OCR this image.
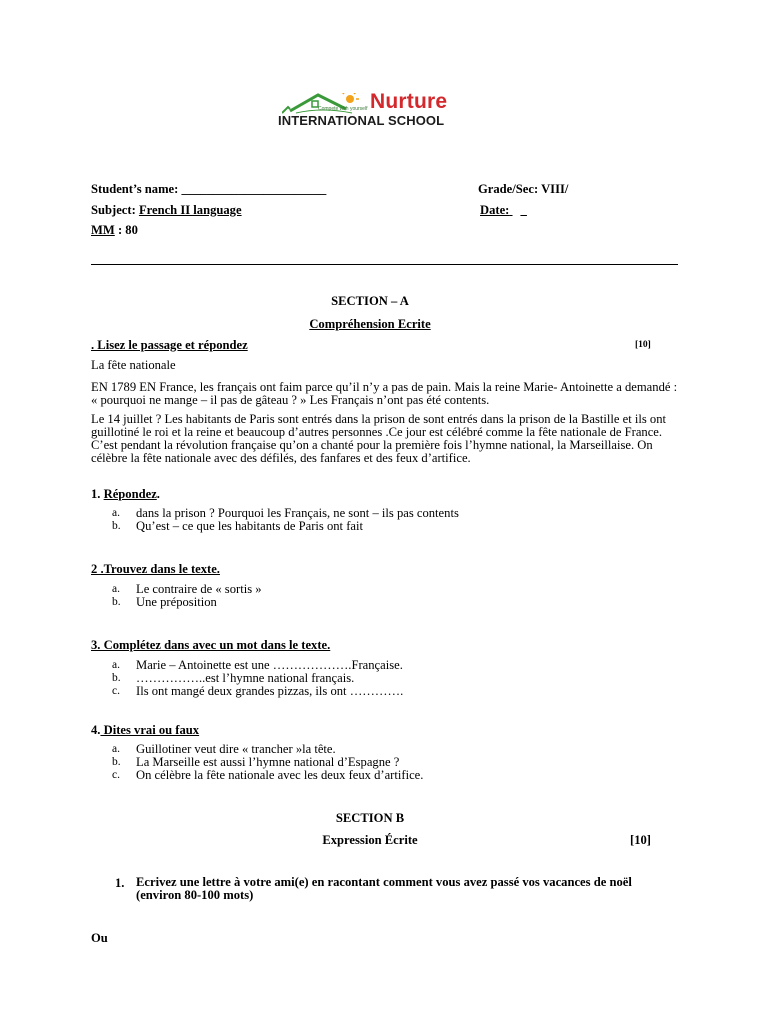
Compete with yourself Nurture
INTERNATIONAL SCHOOL
Student’s name: _______________________	Grade/Sec: VIII/
Subject: French II language	Date: _
MM : 80
SECTION – A
Compréhension Ecrite
. Lisez le passage et répondez	[10]
La fête nationale
EN 1789 EN France, les français ont faim parce qu’il n’y a pas de pain. Mais la reine Marie- Antoinette a demandé : « pourquoi ne mange – il pas de gâteau ? » Les Français n’ont pas été contents.
Le 14 juillet ? Les habitants de Paris sont entrés dans la prison de sont entrés dans la prison de la Bastille et ils ont guillotiné le roi et la reine et beaucoup d’autres personnes .Ce jour est célébré comme la fête nationale de France. C’est pendant la révolution française qu’on a chanté pour la première fois l’hymne national, la Marseillaise. On célèbre la fête nationale avec des défilés, des fanfares et des feux d’artifice.
1. Répondez.
a. dans la prison ? Pourquoi les Français, ne sont – ils pas contents
b. Qu’est – ce que les habitants de Paris ont fait
2 .Trouvez dans le texte.
a. Le contraire de « sortis »
b. Une préposition
3. Complétez dans avec un mot dans le texte.
a. Marie – Antoinette est une ……………….Française.
b. ……………..est l’hymne national français.
c. Ils ont mangé deux grandes pizzas, ils ont ………….
4. Dites vrai ou faux
a. Guillotiner veut dire « trancher »la tête.
b. La Marseille est aussi l’hymne national d’Espagne ?
c. On célèbre la fête nationale avec les deux feux d’artifice.
SECTION B
Expression Écrite	[10]
1. Ecrivez une lettre à votre ami(e) en racontant comment vous avez passé vos vacances de noël (environ 80-100 mots)
Ou
